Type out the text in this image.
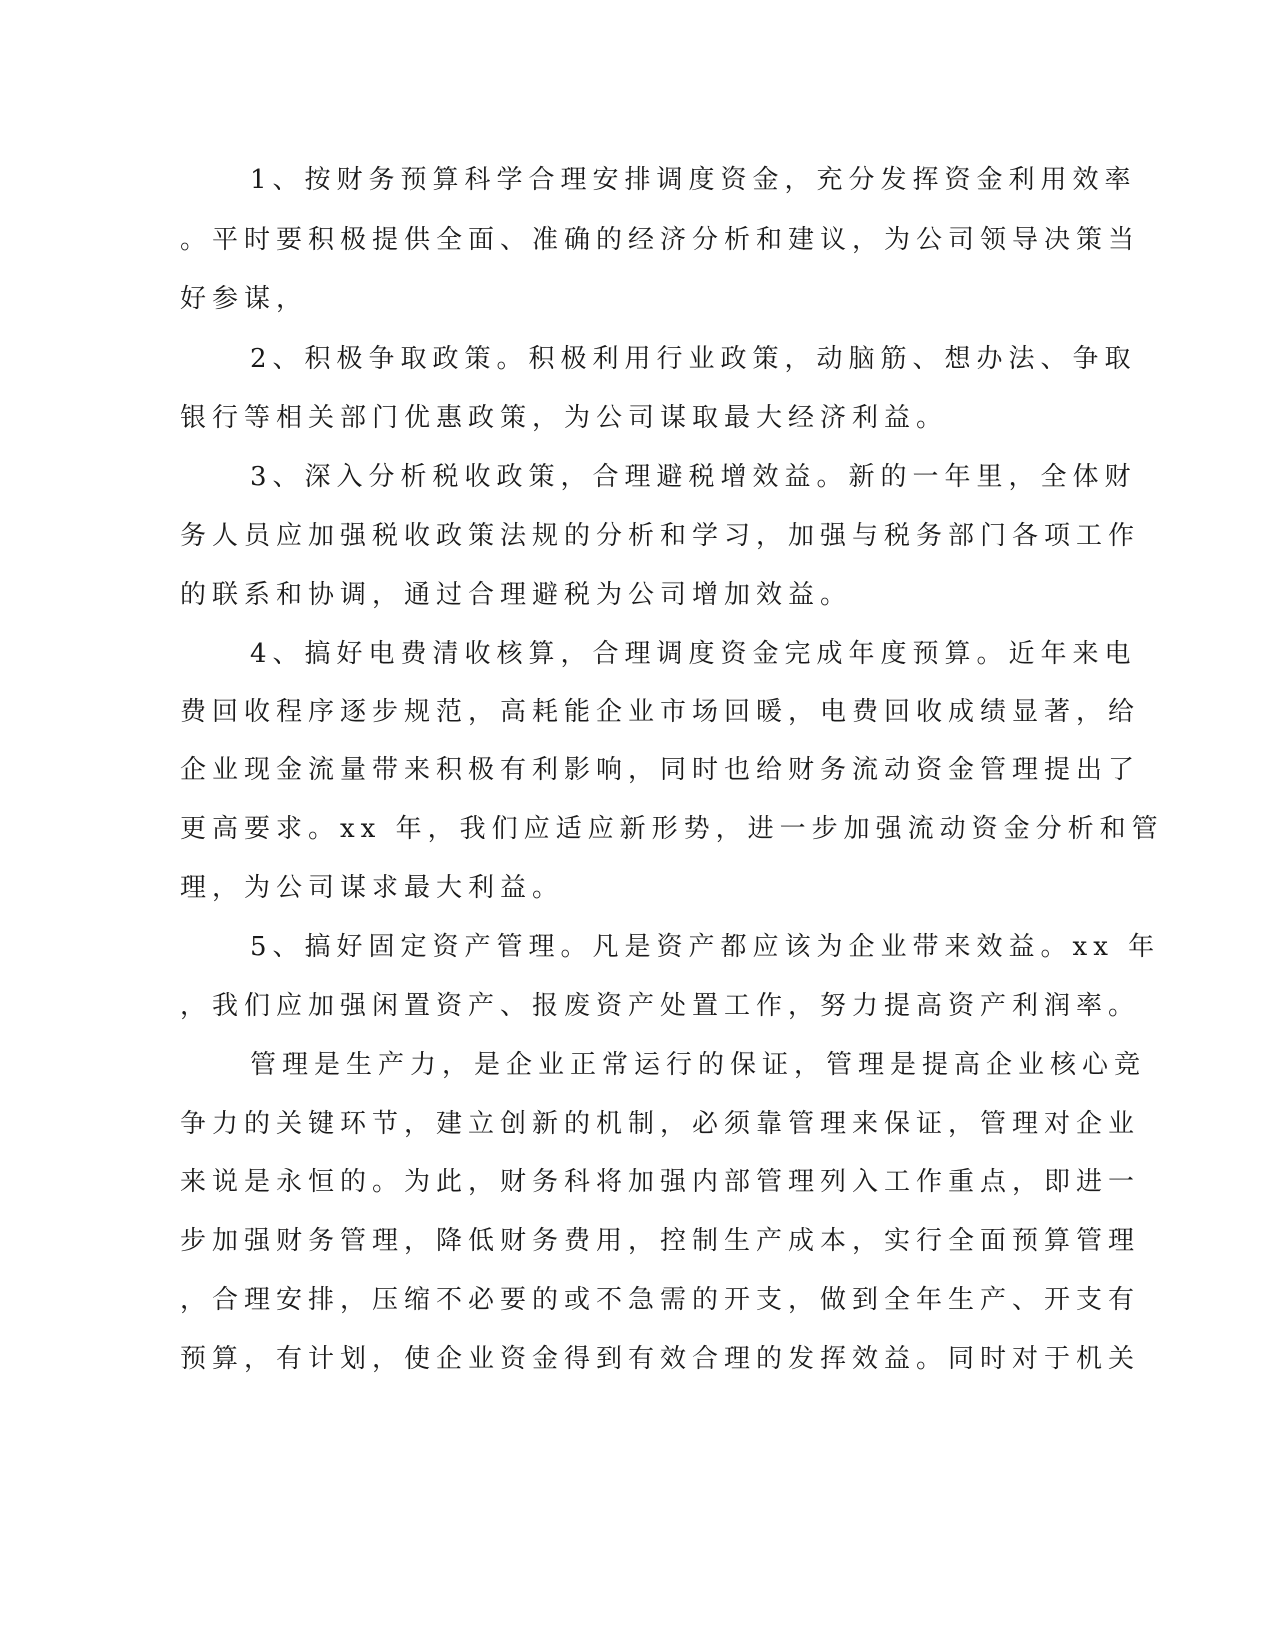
1、按财务预算科学合理安排调度资金，充分发挥资金利用效率
。平时要积极提供全面、准确的经济分析和建议，为公司领导决策当
好参谋，
2、积极争取政策。积极利用行业政策，动脑筋、想办法、争取
银行等相关部门优惠政策，为公司谋取最大经济利益。
3、深入分析税收政策，合理避税增效益。新的一年里，全体财
务人员应加强税收政策法规的分析和学习，加强与税务部门各项工作
的联系和协调，通过合理避税为公司增加效益。
4、搞好电费清收核算，合理调度资金完成年度预算。近年来电
费回收程序逐步规范，高耗能企业市场回暖，电费回收成绩显著，给
企业现金流量带来积极有利影响，同时也给财务流动资金管理提出了
更高要求。xx 年，我们应适应新形势，进一步加强流动资金分析和管
理，为公司谋求最大利益。
5、搞好固定资产管理。凡是资产都应该为企业带来效益。xx 年
，我们应加强闲置资产、报废资产处置工作，努力提高资产利润率。
管理是生产力，是企业正常运行的保证，管理是提高企业核心竞
争力的关键环节，建立创新的机制，必须靠管理来保证，管理对企业
来说是永恒的。为此，财务科将加强内部管理列入工作重点，即进一
步加强财务管理，降低财务费用，控制生产成本，实行全面预算管理
，合理安排，压缩不必要的或不急需的开支，做到全年生产、开支有
预算，有计划，使企业资金得到有效合理的发挥效益。同时对于机关
